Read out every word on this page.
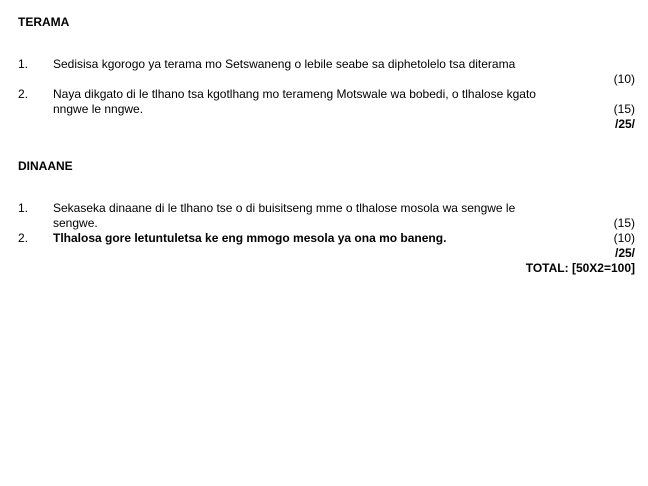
TERAMA
1. Sedisisa kgorogo ya terama mo Setswaneng o lebile seabe sa diphetolelo tsa diterama
(10)
2. Naya dikgato di le tlhano tsa kgotlhang mo terameng Motswale wa bobedi, o tlhalose kgato
(15)
nngwe le nngwe.
/25/
DINAANE
1. Sekaseka dinaane di le tlhano tse o di buisitseng mme o tlhalose mosola wa sengwe le
(15)
sengwe.
2.	(10)
Tlhalosa gore letuntuletsa ke eng mmogo mesola ya ona mo baneng.
/25/
TOTAL: [50X2=100]
